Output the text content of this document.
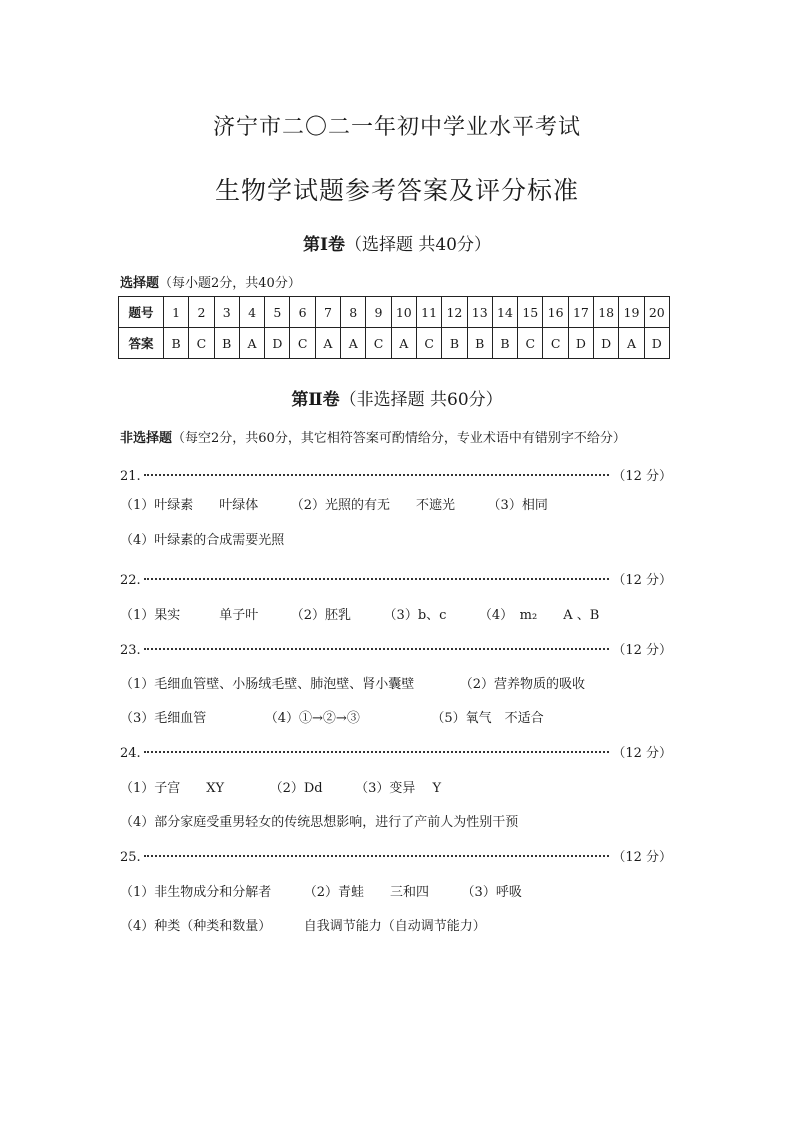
济宁市二〇二一年初中学业水平考试
生物学试题参考答案及评分标准
第Ⅰ卷（选择题 共40分）
选择题（每小题2分，共40分）
题号	1	2	3	4	5	6	7	8	9	10	11	12	13	14	15	16	17	18	19	20
答案	B	C	B	A	D	C	A	A	C	A	C	B	B	B	C	C	D	D	A	D
第Ⅱ卷（非选择题 共60分）
非选择题（每空2分，共60分，其它相符答案可酌情给分，专业术语中有错别字不给分）
21.	（12 分）
（1）叶绿素　　叶绿体　　　（2）光照的有无　　不遮光　　　（3）相同
（4）叶绿素的合成需要光照
22.	（12 分）
（1）果实　　　单子叶　　　（2）胚乳　　　（3）b、c　　　（4）　m₂　　A 、B
23.	（12 分）
（1）毛细血管壁、小肠绒毛壁、肺泡壁、肾小囊壁　　　　（2）营养物质的吸收
（3）毛细血管　　　　　（4）①→②→③　　　　　　（5）氧气　不适合
24.	（12 分）
（1）子宫　　XY　　　　（2）Dd　　　（3）变异　 Y
（4）部分家庭受重男轻女的传统思想影响，进行了产前人为性别干预
25.	（12 分）
（1）非生物成分和分解者　　　（2）青蛙　　三和四　　　（3）呼吸
（4）种类（种类和数量）　　　自我调节能力（自动调节能力）
